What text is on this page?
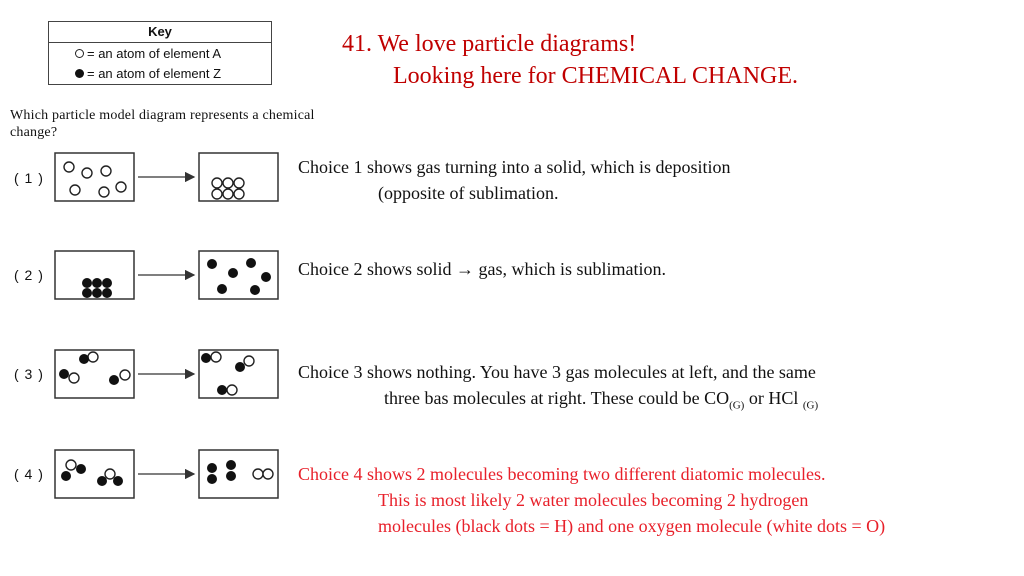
Key
= an atom of element A
= an atom of element Z
41. We love particle diagrams!
Looking here for CHEMICAL CHANGE.
Which particle model diagram represents a chemical change?
( 1 )
( 2 )
( 3 )
( 4 )
Choice 1 shows gas turning into a solid, which is deposition
(opposite of sublimation.
Choice 2 shows solid → gas, which is sublimation.
Choice 3 shows nothing. You have 3 gas molecules at left, and the same
three bas molecules at right. These could be $CO_{(G)}$ or HCl $_{(G)}$
Choice 4 shows 2 molecules becoming two different diatomic molecules.
This is most likely 2 water molecules becoming 2 hydrogen
molecules (black dots = H) and one oxygen molecule (white dots = O)
